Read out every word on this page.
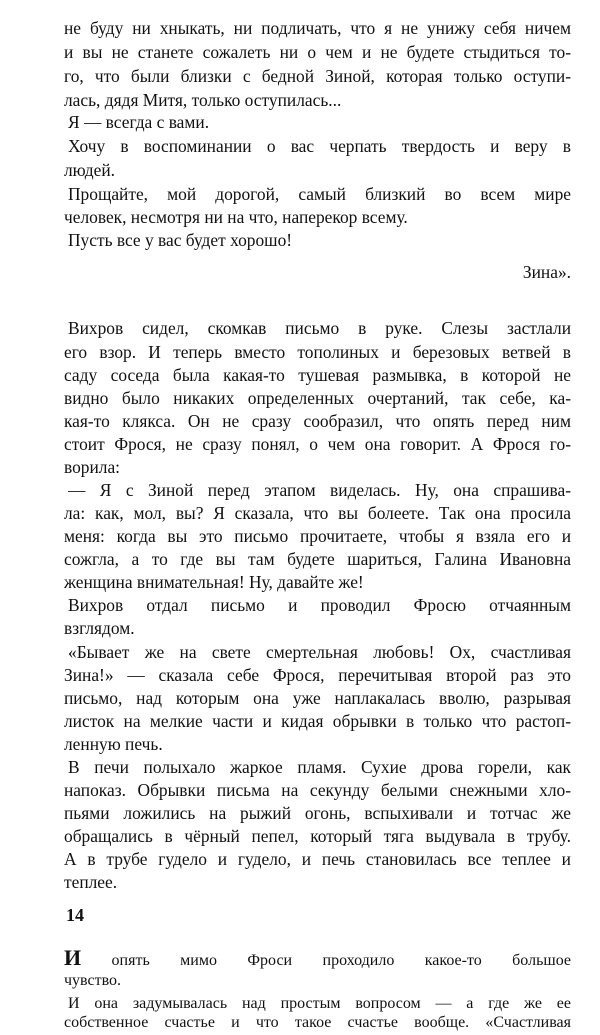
не буду ни хныкать, ни подличать, что я не унижу себя ничем
и вы не станете сожалеть ни о чем и не будете стыдиться то-
го, что были близки с бедной Зиной, которая только оступи-
лась, дядя Митя, только оступилась...
Я — всегда с вами.
Хочу в воспоминании о вас черпать твердость и веру в
людей.
Прощайте, мой дорогой, самый близкий во всем мире
человек, несмотря ни на что, наперекор всему.
Пусть все у вас будет хорошо!
Зина».
Вихров сидел, скомкав письмо в руке. Слезы застлали
его взор. И теперь вместо тополиных и березовых ветвей в
саду соседа была какая-то тушевая размывка, в которой не
видно было никаких определенных очертаний, так себе, ка-
кая-то клякса. Он не сразу сообразил, что опять перед ним
стоит Фрося, не сразу понял, о чем она говорит. А Фрося го-
ворила:
— Я с Зиной перед этапом виделась. Ну, она спрашива-
ла: как, мол, вы? Я сказала, что вы болеете. Так она просила
меня: когда вы это письмо прочитаете, чтобы я взяла его и
сожгла, а то где вы там будете шариться, Галина Ивановна
женщина внимательная! Ну, давайте же!
Вихров отдал письмо и проводил Фросю отчаянным
взглядом.
«Бывает же на свете смертельная любовь! Ох, счастливая
Зина!» — сказала себе Фрося, перечитывая второй раз это
письмо, над которым она уже наплакалась вволю, разрывая
листок на мелкие части и кидая обрывки в только что растоп-
ленную печь.
В печи полыхало жаркое пламя. Сухие дрова горели, как
напоказ. Обрывки письма на секунду белыми снежными хло-
пьями ложились на рыжий огонь, вспыхивали и тотчас же
обращались в чёрный пепел, который тяга выдувала в трубу.
А в трубе гудело и гудело, и печь становилась все теплее и
теплее.
14
И опять мимо Фроси проходило какое-то большое
чувство.
И она задумывалась над простым вопросом — а где же ее
собственное счастье и что такое счастье вообще. «Счастливая
